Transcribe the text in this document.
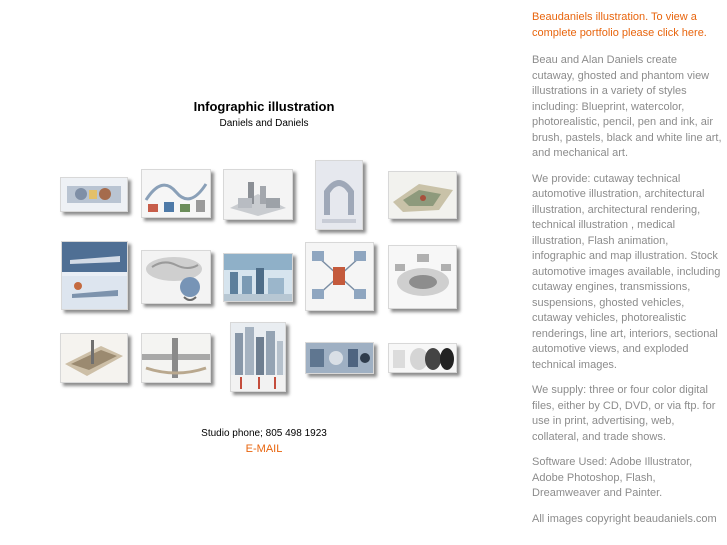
Infographic illustration
Daniels and Daniels
Studio phone; 805 498 1923
E-MAIL
Beaudaniels illustration. To view a complete portfolio please click here.

Beau and Alan Daniels create cutaway, ghosted and phantom view illustrations in a variety of styles including: Blueprint, watercolor, photorealistic, pencil, pen and ink, air brush, pastels, black and white line art, and mechanical art.

We provide: cutaway technical automotive illustration, architectural illustration, architectural rendering, technical illustration , medical illustration, Flash animation, infographic and map illustration. Stock automotive images available, including cutaway engines, transmissions, suspensions, ghosted vehicles, cutaway vehicles, photorealistic renderings, line art, interiors, sectional automotive views, and exploded technical images.

We supply: three or four color digital files, either by CD, DVD, or via ftp. for use in print, advertising, web, collateral, and trade shows.

Software Used: Adobe Illustrator, Adobe Photoshop, Flash, Dreamweaver and Painter.

All images copyright beaudaniels.com
